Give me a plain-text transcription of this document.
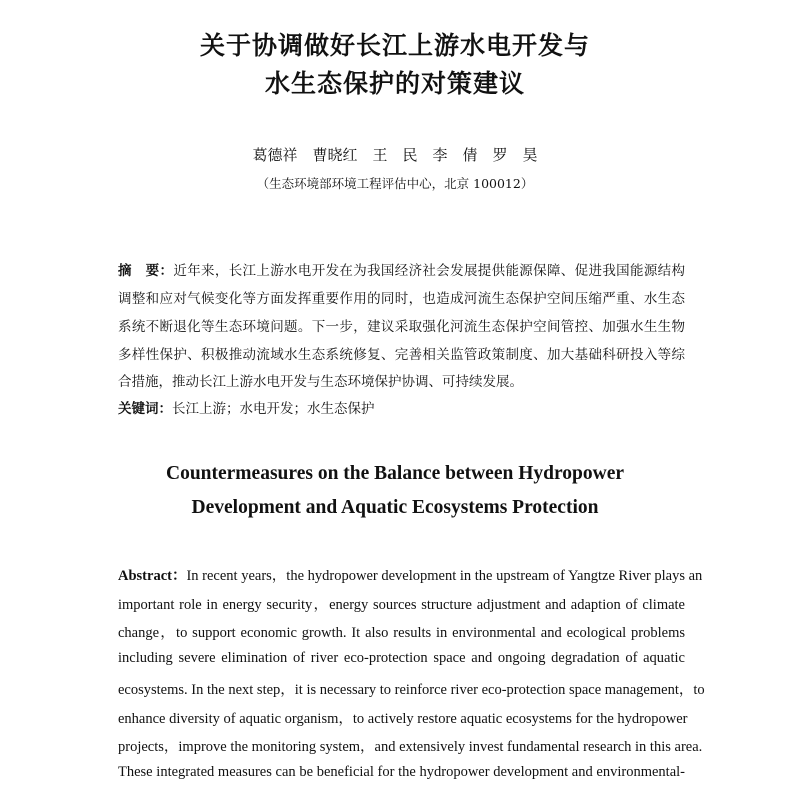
关于协调做好长江上游水电开发与
水生态保护的对策建议
葛德祥　曹晓红　王　民　李　倩　罗　昊
（生态环境部环境工程评估中心，北京 100012）
摘　要：近年来，长江上游水电开发在为我国经济社会发展提供能源保障、促进我国能源结构
调整和应对气候变化等方面发挥重要作用的同时，也造成河流生态保护空间压缩严重、水生态
系统不断退化等生态环境问题。下一步，建议采取强化河流生态保护空间管控、加强水生生物
多样性保护、积极推动流域水生态系统修复、完善相关监管政策制度、加大基础科研投入等综
合措施，推动长江上游水电开发与生态环境保护协调、可持续发展。
关键词：长江上游；水电开发；水生态保护
Countermeasures on the Balance between Hydropower
Development and Aquatic Ecosystems Protection
Abstract：In recent years，the hydropower development in the upstream of Yangtze River plays an
important role in energy security，energy sources structure adjustment and adaption of climate
change，to support economic growth. It also results in environmental and ecological problems
including severe elimination of river eco-protection space and ongoing degradation of aquatic
ecosystems. In the next step，it is necessary to reinforce river eco-protection space management，to
enhance diversity of aquatic organism，to actively restore aquatic ecosystems for the hydropower
projects，improve the monitoring system，and extensively invest fundamental research in this area.
These integrated measures can be beneficial for the hydropower development and environmental-
